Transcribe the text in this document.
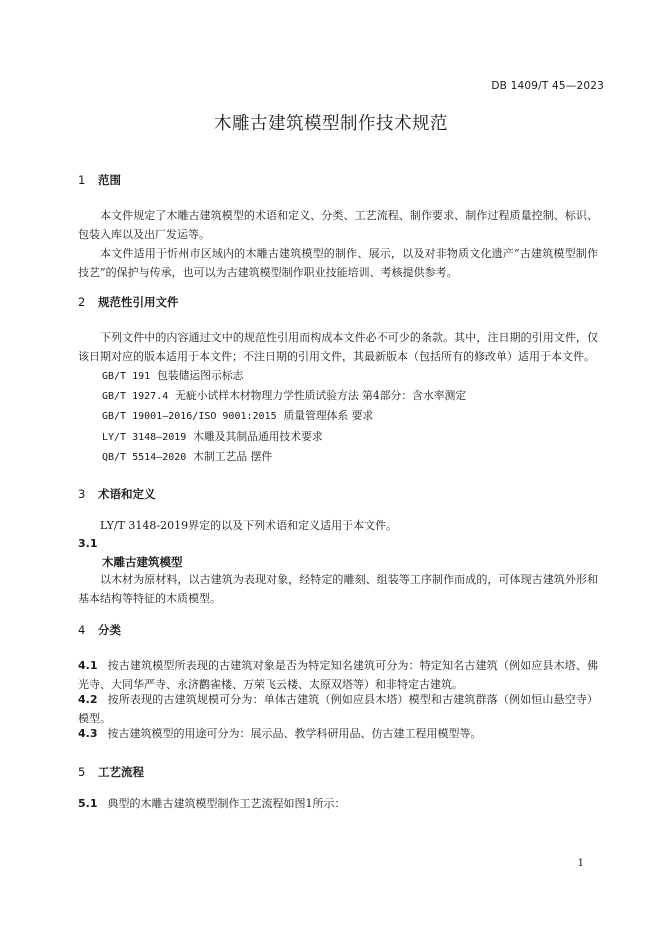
DB 1409/T 45—2023
木雕古建筑模型制作技术规范
1 范围
本文件规定了木雕古建筑模型的术语和定义、分类、工艺流程、制作要求、制作过程质量控制、标识、包装入库以及出厂发运等。
本文件适用于忻州市区域内的木雕古建筑模型的制作、展示，以及对非物质文化遗产“古建筑模型制作技艺”的保护与传承，也可以为古建筑模型制作职业技能培训、考核提供参考。
2 规范性引用文件
下列文件中的内容通过文中的规范性引用而构成本文件必不可少的条款。其中，注日期的引用文件，仅该日期对应的版本适用于本文件；不注日期的引用文件，其最新版本（包括所有的修改单）适用于本文件。
GB/T 191 包装储运图示标志
GB/T 1927.4 无疵小试样木材物理力学性质试验方法 第4部分：含水率测定
GB/T 19001—2016/ISO 9001:2015 质量管理体系 要求
LY/T 3148—2019 木雕及其制品通用技术要求
QB/T 5514—2020 木制工艺品 摆件
3 术语和定义
LY/T 3148-2019界定的以及下列术语和定义适用于本文件。
3.1
木雕古建筑模型
以木材为原材料，以古建筑为表现对象，经特定的雕刻、组装等工序制作而成的，可体现古建筑外形和基本结构等特征的木质模型。
4 分类
4.1 按古建筑模型所表现的古建筑对象是否为特定知名建筑可分为：特定知名古建筑（例如应县木塔、佛光寺、大同华严寺、永济鹳雀楼、万荣飞云楼、太原双塔等）和非特定古建筑。
4.2 按所表现的古建筑规模可分为：单体古建筑（例如应县木塔）模型和古建筑群落（例如恒山悬空寺）模型。
4.3 按古建筑模型的用途可分为：展示品、教学科研用品、仿古建工程用模型等。
5 工艺流程
5.1 典型的木雕古建筑模型制作工艺流程如图1所示：
1
